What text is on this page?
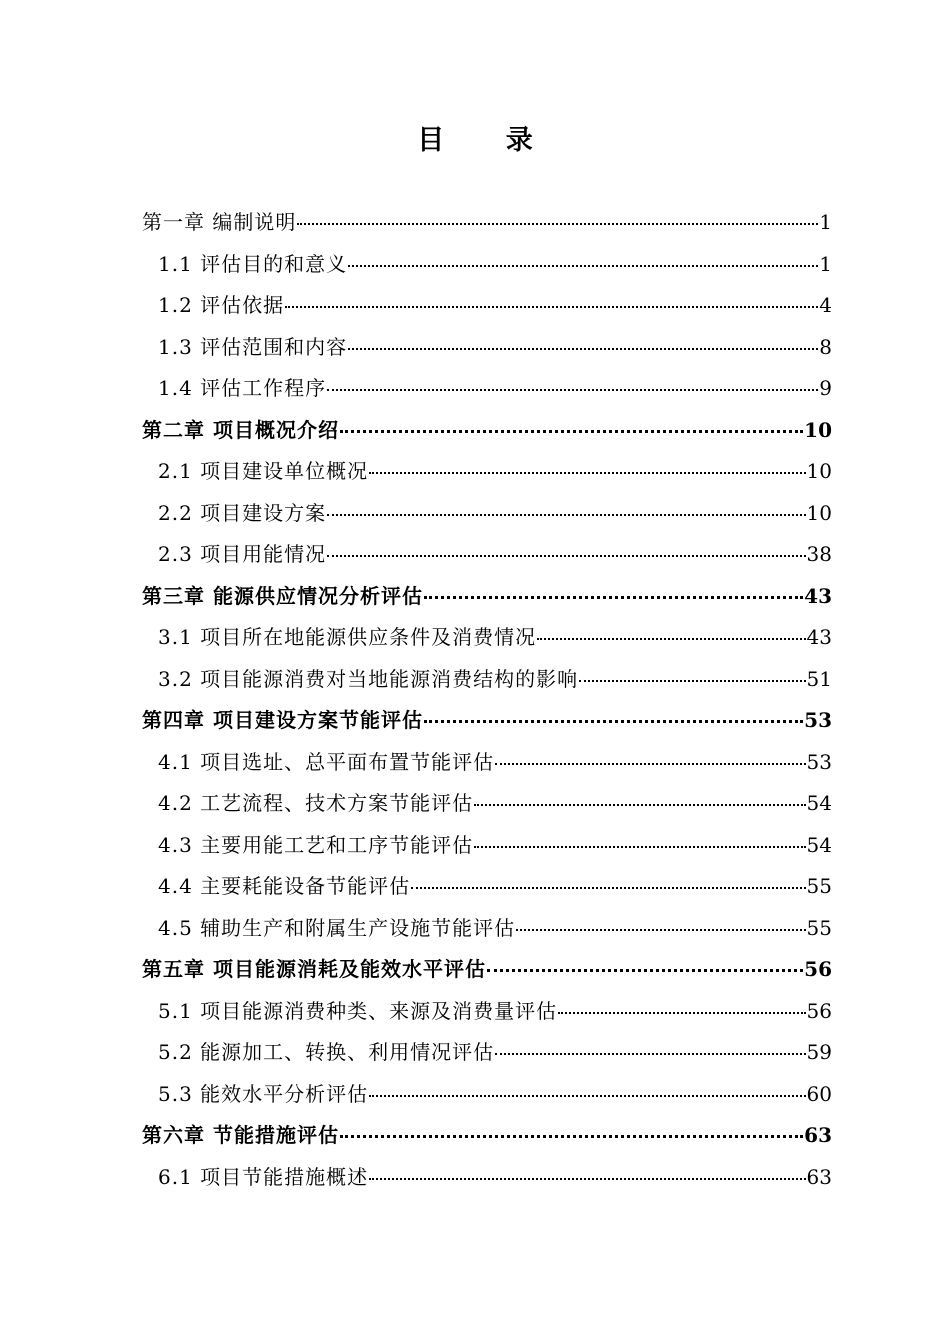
目 录
第一章 编制说明	1
1.1 评估目的和意义	1
1.2 评估依据	4
1.3 评估范围和内容	8
1.4 评估工作程序	9
第二章 项目概况介绍	10
2.1 项目建设单位概况	10
2.2 项目建设方案	10
2.3 项目用能情况	38
第三章 能源供应情况分析评估	43
3.1 项目所在地能源供应条件及消费情况	43
3.2 项目能源消费对当地能源消费结构的影响	51
第四章 项目建设方案节能评估	53
4.1 项目选址、总平面布置节能评估	53
4.2 工艺流程、技术方案节能评估	54
4.3 主要用能工艺和工序节能评估	54
4.4 主要耗能设备节能评估	55
4.5 辅助生产和附属生产设施节能评估	55
第五章 项目能源消耗及能效水平评估	56
5.1 项目能源消费种类、来源及消费量评估	56
5.2 能源加工、转换、利用情况评估	59
5.3 能效水平分析评估	60
第六章 节能措施评估	63
6.1 项目节能措施概述	63
